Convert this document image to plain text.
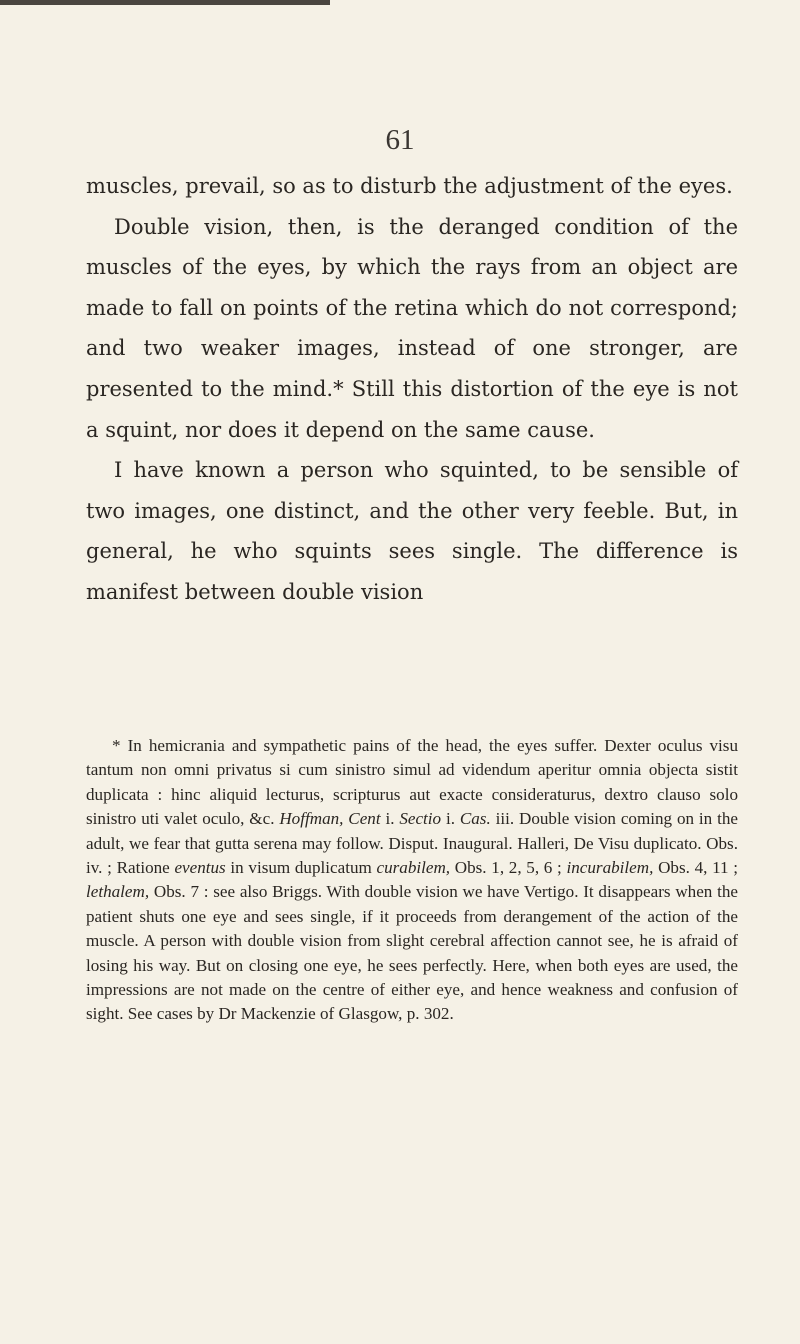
61

muscles, prevail, so as to disturb the adjustment of the eyes.

Double vision, then, is the deranged condition of the muscles of the eyes, by which the rays from an object are made to fall on points of the retina which do not correspond; and two weaker images, instead of one stronger, are presented to the mind.* Still this distortion of the eye is not a squint, nor does it depend on the same cause.

I have known a person who squinted, to be sensible of two images, one distinct, and the other very feeble. But, in general, he who squints sees single. The difference is manifest between double vision

* In hemicrania and sympathetic pains of the head, the eyes suffer. Dexter oculus visu tantum non omni privatus si cum sinistro simul ad videndum aperitur omnia objecta sistit duplicata : hinc aliquid lecturus, scripturus aut exacte consideraturus, dextro clauso solo sinistro uti valet oculo, &c. Hoffman, Cent i. Sectio i. Cas. iii. Double vision coming on in the adult, we fear that gutta serena may follow. Disput. Inaugural. Halleri, De Visu duplicato. Obs. iv. ; Ratione eventus in visum duplicatum curabilem, Obs. 1, 2, 5, 6 ; incurabilem, Obs. 4, 11 ; lethalem, Obs. 7 : see also Briggs. With double vision we have Vertigo. It disappears when the patient shuts one eye and sees single, if it proceeds from derangement of the action of the muscle. A person with double vision from slight cerebral affection cannot see, he is afraid of losing his way. But on closing one eye, he sees perfectly. Here, when both eyes are used, the impressions are not made on the centre of either eye, and hence weakness and confusion of sight. See cases by Dr Mackenzie of Glasgow, p. 302.
